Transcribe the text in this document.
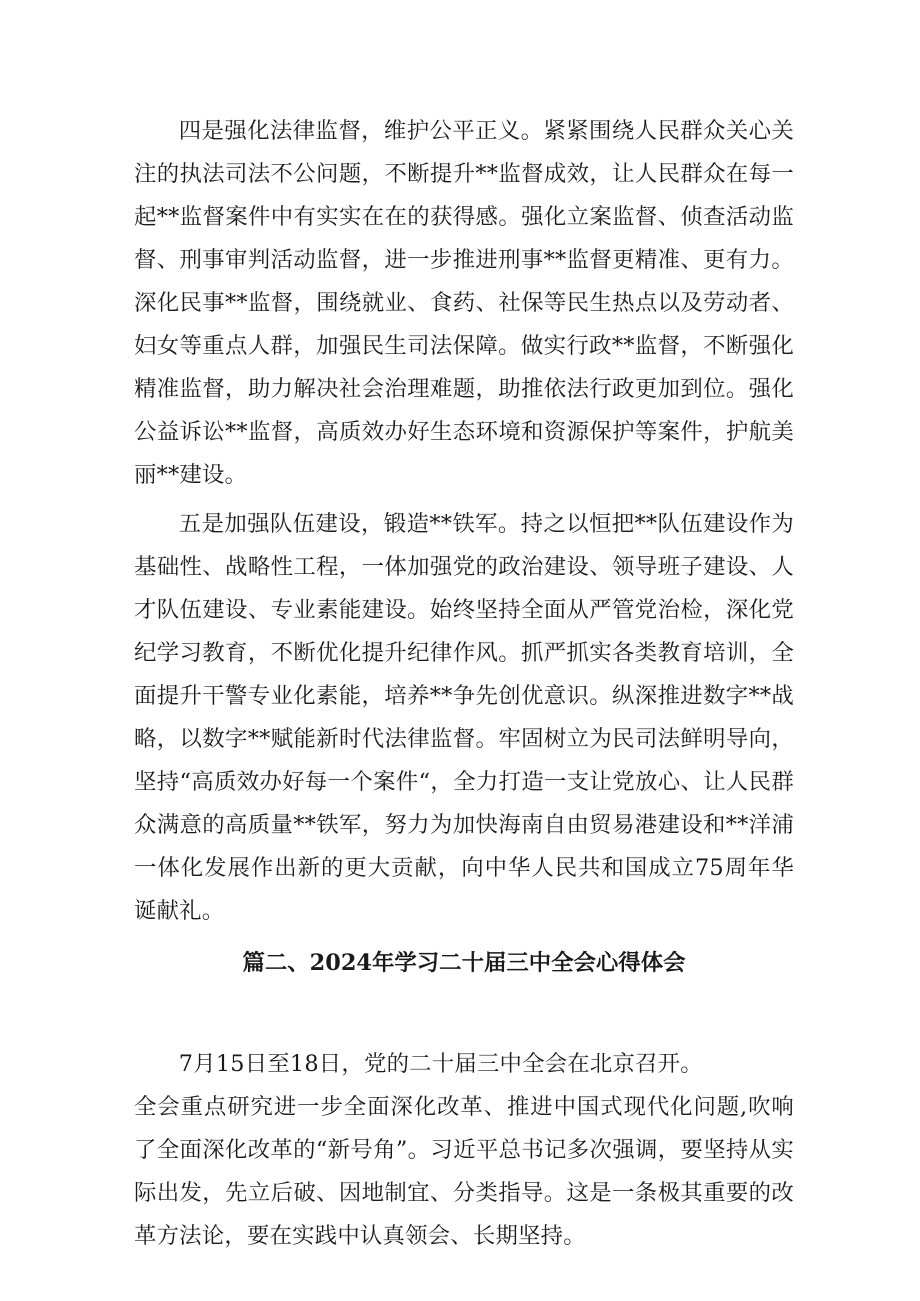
四是强化法律监督，维护公平正义。紧紧围绕人民群众关心关注的执法司法不公问题，不断提升**监督成效，让人民群众在每一起**监督案件中有实实在在的获得感。强化立案监督、侦查活动监督、刑事审判活动监督，进一步推进刑事**监督更精准、更有力。深化民事**监督，围绕就业、食药、社保等民生热点以及劳动者、妇女等重点人群，加强民生司法保障。做实行政**监督，不断强化精准监督，助力解决社会治理难题，助推依法行政更加到位。强化公益诉讼**监督，高质效办好生态环境和资源保护等案件，护航美丽**建设。

五是加强队伍建设，锻造**铁军。持之以恒把**队伍建设作为基础性、战略性工程，一体加强党的政治建设、领导班子建设、人才队伍建设、专业素能建设。始终坚持全面从严管党治检，深化党纪学习教育，不断优化提升纪律作风。抓严抓实各类教育培训，全面提升干警专业化素能，培养**争先创优意识。纵深推进数字**战略，以数字**赋能新时代法律监督。牢固树立为民司法鲜明导向，坚持“高质效办好每一个案件“，全力打造一支让党放心、让人民群众满意的高质量**铁军，努力为加快海南自由贸易港建设和**洋浦一体化发展作出新的更大贡献，向中华人民共和国成立75周年华诞献礼。

篇二、2024年学习二十届三中全会心得体会
7月15日至18日，党的二十届三中全会在北京召开。
全会重点研究进一步全面深化改革、推进中国式现代化问题,吹响了全面深化改革的“新号角”。习近平总书记多次强调，要坚持从实际出发，先立后破、因地制宜、分类指导。这是一条极其重要的改革方法论，要在实践中认真领会、长期坚持。
